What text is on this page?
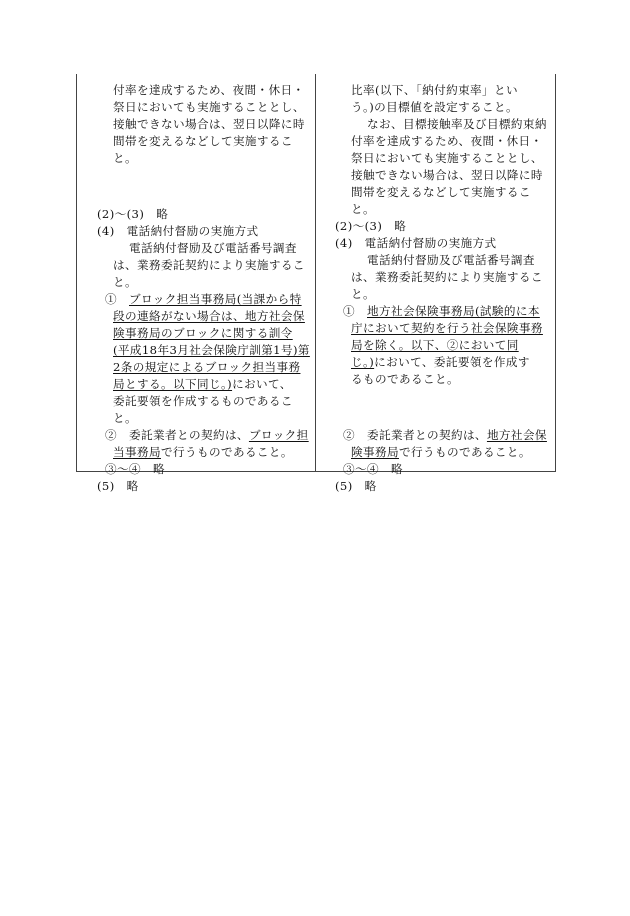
付率を達成するため、夜間・休日・
祭日においても実施することとし、
接触できない場合は、翌日以降に時
間帯を変えるなどして実施するこ
と。
(2)～(3)　略
(4)　電話納付督励の実施方式
電話納付督励及び電話番号調査
は、業務委託契約により実施するこ
と。
①　ブロック担当事務局(当課から特
段の連絡がない場合は、地方社会保
険事務局のブロックに関する訓令
(平成18年3月社会保険庁訓第1号)第
2条の規定によるブロック担当事務
局とする。以下同じ。)において、
委託要領を作成するものであるこ
と。
②　委託業者との契約は、ブロック担
当事務局で行うものであること。
③～④　略
(5)　略
比率(以下、「納付約束率」とい
う。)の目標値を設定すること。
なお、目標接触率及び目標約束納
付率を達成するため、夜間・休日・
祭日においても実施することとし、
接触できない場合は、翌日以降に時
間帯を変えるなどして実施するこ
と。
(2)～(3)　略
(4)　電話納付督励の実施方式
電話納付督励及び電話番号調査
は、業務委託契約により実施するこ
と。
①　地方社会保険事務局(試験的に本
庁において契約を行う社会保険事務
局を除く。以下、②において同
じ。)において、委託要領を作成す
るものであること。
②　委託業者との契約は、地方社会保
険事務局で行うものであること。
③～④　略
(5)　略
